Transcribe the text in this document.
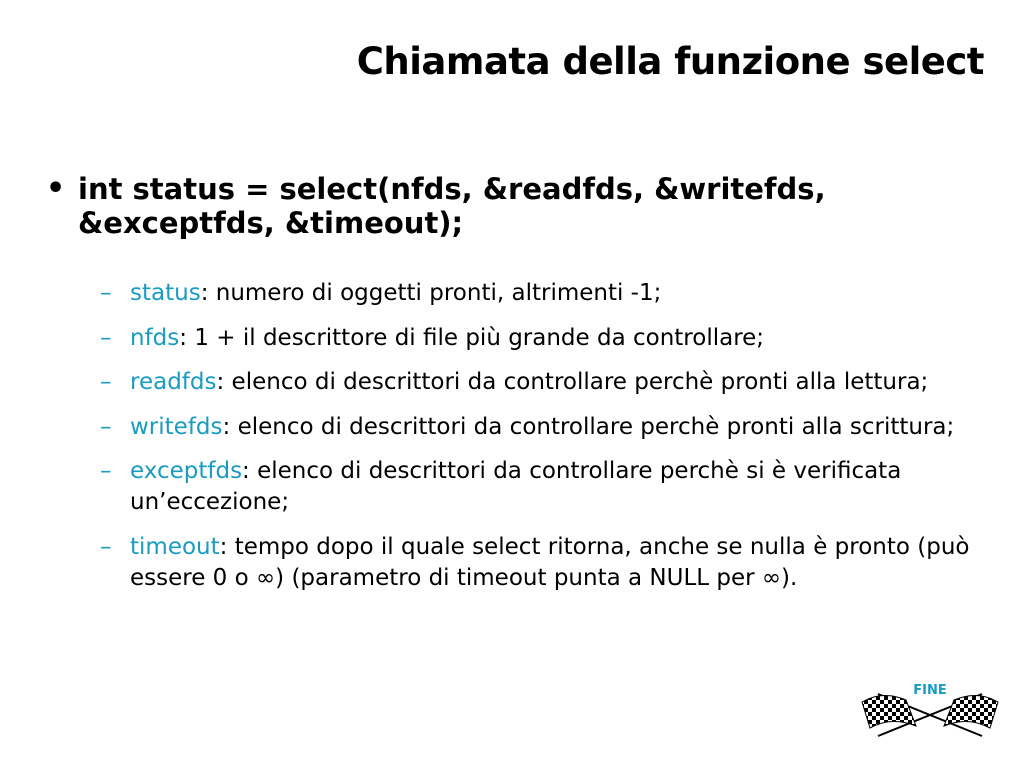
Chiamata della funzione select
• int status = select(nfds, &readfds, &writefds,
&exceptfds, &timeout);
– status: numero di oggetti pronti, altrimenti -1;
– nfds: 1 + il descrittore di file più grande da controllare;
– readfds: elenco di descrittori da controllare perchè pronti alla lettura;
– writefds: elenco di descrittori da controllare perchè pronti alla scrittura;
– exceptfds: elenco di descrittori da controllare perchè si è verificata un’eccezione;
– timeout: tempo dopo il quale select ritorna, anche se nulla è pronto (può essere 0 o ∞) (parametro di timeout punta a NULL per ∞).
FINE
